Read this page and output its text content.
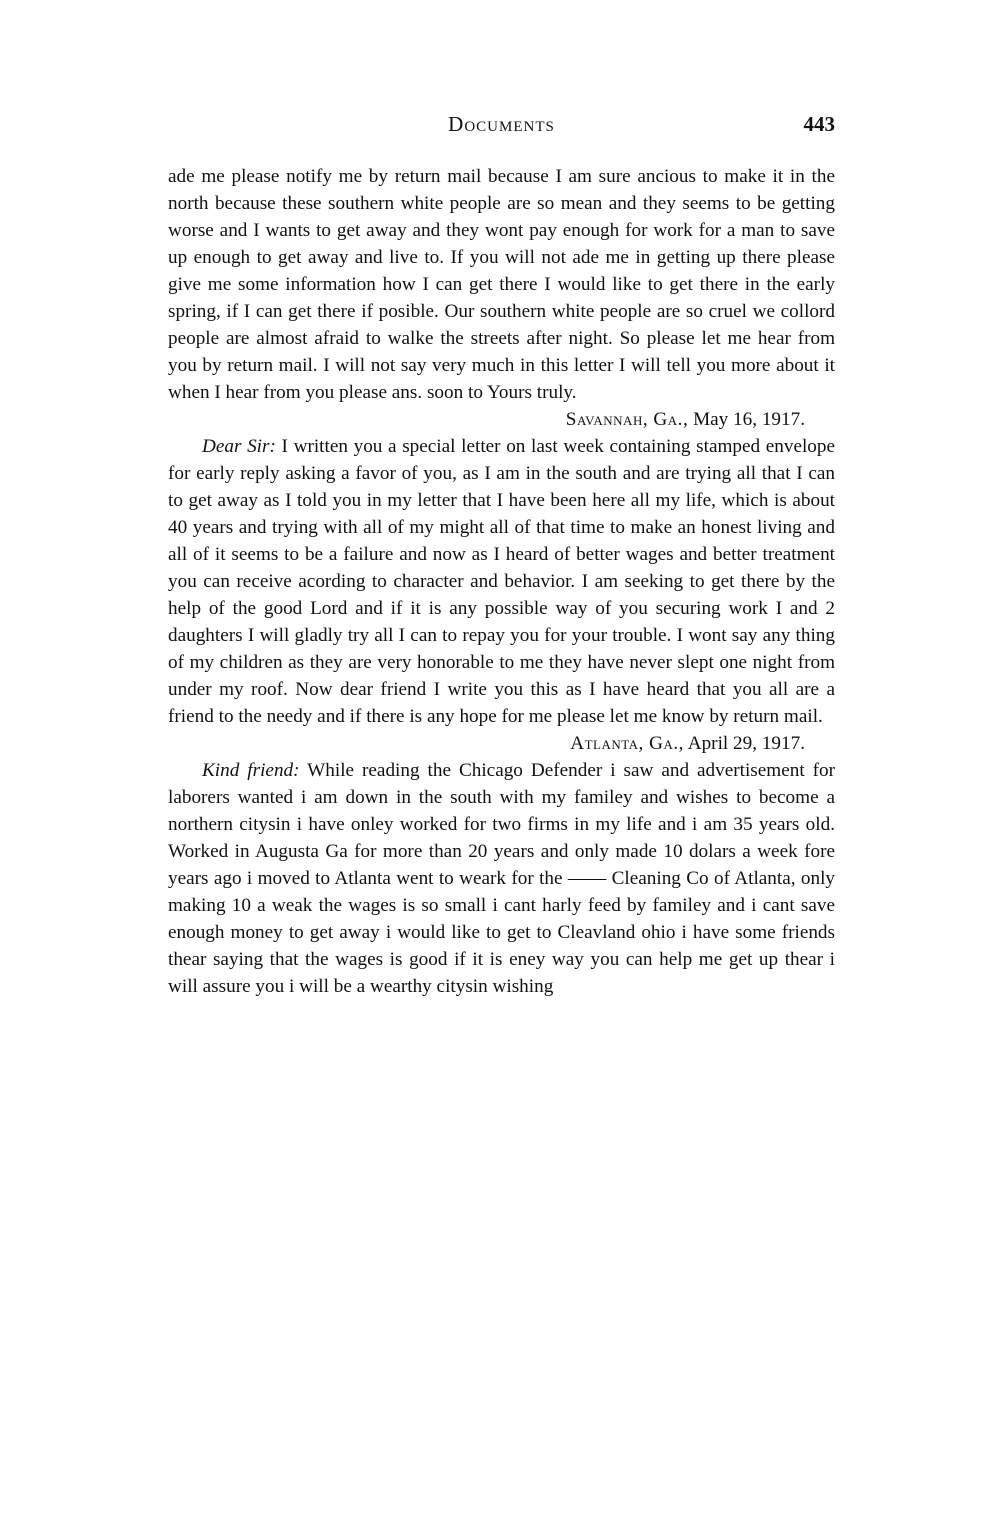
Documents	443

ade me please notify me by return mail because I am sure ancious to make it in the north because these southern white people are so mean and they seems to be getting worse and I wants to get away and they wont pay enough for work for a man to save up enough to get away and live to. If you will not ade me in getting up there please give me some information how I can get there I would like to get there in the early spring, if I can get there if posible. Our southern white people are so cruel we collord people are almost afraid to walke the streets after night. So please let me hear from you by return mail. I will not say very much in this letter I will tell you more about it when I hear from you please ans. soon to Yours truly.

Savannah, Ga., May 16, 1917.

Dear Sir: I written you a special letter on last week containing stamped envelope for early reply asking a favor of you, as I am in the south and are trying all that I can to get away as I told you in my letter that I have been here all my life, which is about 40 years and trying with all of my might all of that time to make an honest living and all of it seems to be a failure and now as I heard of better wages and better treatment you can receive acording to character and behavior. I am seeking to get there by the help of the good Lord and if it is any possible way of you securing work I and 2 daughters I will gladly try all I can to repay you for your trouble. I wont say any thing of my children as they are very honorable to me they have never slept one night from under my roof. Now dear friend I write you this as I have heard that you all are a friend to the needy and if there is any hope for me please let me know by return mail.

Atlanta, Ga., April 29, 1917.

Kind friend: While reading the Chicago Defender i saw and advertisement for laborers wanted i am down in the south with my familey and wishes to become a northern citysin i have onley worked for two firms in my life and i am 35 years old. Worked in Augusta Ga for more than 20 years and only made 10 dolars a week fore years ago i moved to Atlanta went to weark for the —— Cleaning Co of Atlanta, only making 10 a weak the wages is so small i cant harly feed by familey and i cant save enough money to get away i would like to get to Cleavland ohio i have some friends thear saying that the wages is good if it is eney way you can help me get up thear i will assure you i will be a wearthy citysin wishing
